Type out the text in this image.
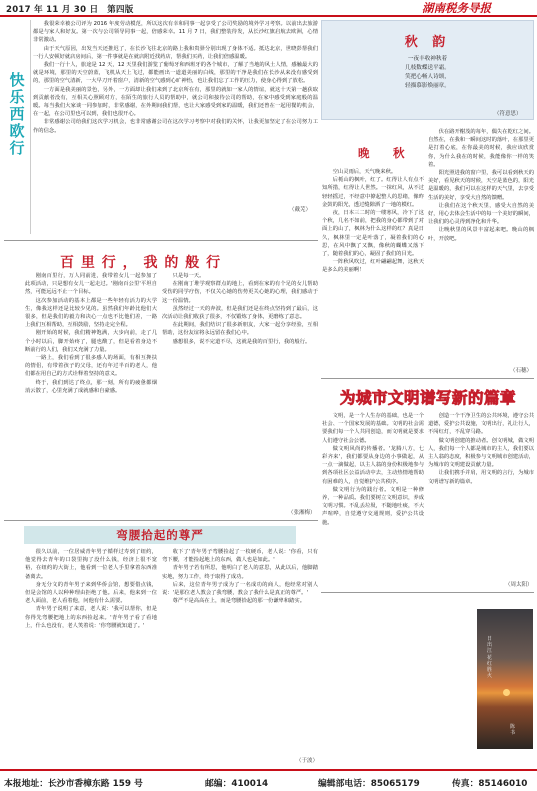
2017 年 11 月 30 日　第四版	湖南税务导报
快乐西欧行

我很荣幸被公司评为 2016 年度劳动模范，所以这次有幸和同事一起享受了公司奖励的境外学习考察。以前出去旅游都是与家人和好友。第一次与公司领导同事一起，倍感荣幸。11 月 7 日，我们整装待发，从长沙红旗启航去欧洲，心情非常激动。

由于天气原因，出发当天还推迟了，在长沙飞往北京的路上我和贵驿分别出现了身体不适。抵达北京，世晓彭帮我们一行人安顿好就店房间后，第一件事就是在就店附近找药店，帮我们买药，让我们倍感温暖。

我们一行十人，旅途是 12 天，12 天里我们游览了葡萄牙和西班牙的各个城市，了解了当地的风土人情，感触最大的就是环境，那里的天空蔚蓝，飞机从天上飞过，都能画出一道道美丽的白线，那里的干净是我们在长沙从来没有感受到的，那里的空气清新，一大早刀开着窗户，清新的空气感到心旷神怡，也让我们忘了工作的压力，使身心得到了放松。

一方面是我美丽的景色，另外，一方面却让我们来到了北京所在有，那里的就如一家人的情谊，就这十天第一趟获取到贡献者没有，互相关心照顾对方，在陌生的旅行人员的帮助中，就公司和接待公司的帮助，在家中感受到家庭般的温暖。每当我们大家谈一同参加时，非常感谢，在外期间我们帮，也让大家感受到家的温暖，我们还曾在一起用餐的机会，在一起，在公司里也可以到，我们也很开心。

非常感谢公司给我们这次学习机会，也非常感谢公司在这次学习考察中对我们的关怀，让我更加坚定了在公司努力工作的信念。

（戴芜）
秋 韵
一夜丰收神秋着
几枝数蝶送平霜。
笑把心畅人诗颂，
轻描慕影焕丽章。
（符意思）
晚　秋

空山灵雨后，天气晚来秋。

后栀山的枫叶，红了。红得让人有点不知所措，红得让人世然。一抹红风，从不过轻轻摇过，不经意中撩起整人的思绪，像昨金鼓的阳光，透过缝隙洒了一地的模红。

夜，日本三二时的一缕寒风，冷下了这个秋，几名不如前，把我的身心都带到了对面上的山了，枫林为什么这样的红？真是日久，枫林里一定是叶落了，凝着我们的心思，在风中飘了又飘，像秋的蝴蝶又落下了，随着我们的心，凝固了我们的目光。

一阵秋风吹过，红叶翩翩起舞，这秋天是多么的美丽啊！

伏在路开榭茂的每年，偶失在乾红之间。自然在，在我和一瞬间这时的落叶，在那里更是打着心底，在你最美的时候，我应该欣赏你，为什么我在的时候，我能像你一样的笑着。

阳光照进我的窗户里，我可以看到秋天的美好，看见秋天的时候，天空是蓝色的，阳光是温暖的，我们可以在这样的天气里，去享受生活的美好，享受大自然的馈赠。

让我们在这个秋天里，感受大自然的美好，用心去体会生活中的每一个美好的瞬间，让我们的心灵得到净化和升华。

让晚秋里的风景丰富起来吧。晚山的枫叶，开放吧。

（石穗）
为城市文明谱写新的篇章

文明，是一个人生存的基础，也是一个社会、一个国家发展的基础。文明的社会需要我们每一个人共同创造，而文明就是要求人们遵守社会公德。

做文明风尚的传播者。'龙腾八方，七彩齐来'，我们都要从身边的小事做起，从一点一滴做起，以主人翁的身份积极地参与到各项社区公益活动中去，主动热情地帮助有困难的人，自觉维护公共秩序。

做文明行为的践行者。文明是一种修养，一种品质。我们要树立文明意识，养成文明习惯。不乱丢垃圾，不随地吐痰，不大声喧哗，自觉遵守交通规则，爱护公共设施。

创造一个干净卫生的公共环境，遵守公共道德，爱护公共设施，文明出行，礼让行人，不闯红灯，不乱穿马路。

做文明创建的推动者。创文明城，做文明人，我们每一个人都是城市的主人，我们要以主人翁的态度，积极参与文明城市创建活动，为城市的文明建设贡献力量。

让我们携手并肩，用文明的言行，为城市文明谱写新的篇章。

（周太阳）
日出江花红胜火
陈书
百 里 行 ， 我 的 般 行

刚南百里行，万人同前进，我带着女儿一起参加了此项活动，只是想有女儿一起走过。'刚南百公里'平坦自然，可能远远不止一个目标。

这次参加活动的基本上都是一些年轻有活力的大学生，像我这样还是比较少见的。虽然我们年龄比他们大很多，但是我们的毅力和决心一点也不比他们差，一路上我们互相帮助，互相鼓励，坚持走完全程。

刚开始的时候，我们精神饱满，大步向前，走了几个小时以后，脚开始疼了，腿也酸了，但是看着身边不断前行的人们，我们又充满了力量。

一路上，我们看到了很多感人的场面，有相互搀扶的情侣，有带着孩子的父母，还有年过半百的老人，他们都在用自己的方式诠释着坚持的意义。

终于，我们到达了终点，那一刻，所有的疲惫都烟消云散了，心里充满了成就感和自豪感。

只是每一天。

在刚南丁堆学观察群点的地上，看到在家的有个足的女儿帮助受伤的同学疗伤，不仅关心她的伤势更关心她的心理，我们感动于这一份温情。

虽然经过一天的奔波，但是我们还是在终点坚持到了最后，这次活动让我们收获了很多，不仅锻炼了身体，更磨练了意志。

在此期间，我们结识了很多新朋友，大家一起分享经验，互相帮助，这份友谊将永远留在我们心中。

感想很多，说不完道不尽，这就是我的百里行，我的般行。

（张湘梅）
弯腰拾起的尊严

很久以前，一位居威青年男子循样过寿到了纽约，他觉得去青年的口袋里掏了没什么钱，经济上很不宽裕，在纽约的大街上，他看到一位老人手里拿着东西准备离去。

身无分文的青年男子来到华侨会馆，想要借点钱，但是会馆的人以种种理由拒绝了他。后来，他来到一位老人面前，老人看着他，问他有什么需要。

青年男子说明了来意，老人说：'我可以帮你，但是你得先弯腰把地上的东西捡起来。'青年男子看了看地上，什么也没有，老人笑着说：'你弯腰就知道了。'

收下了'青年男子弯腰捡起了一枚硬币，老人说：'你看，只有弯下腰，才能捡起地上的东西，做人也是如此。'

青年男子若有所思，他明白了老人的意思，从此以后，他脚踏实地，努力工作，终于取得了成功。

后来，这位青年男子成为了一名成功的商人，他经常对别人说：'是那位老人教会了我弯腰，教会了我什么是真正的尊严。'

尊严不是高高在上，而是弯腰拾起的那一份谦卑和踏实。

（于波）
本报地址：长沙市香樟东路 159 号	邮编：410014	编辑部电话：85065179	传真：85146010
